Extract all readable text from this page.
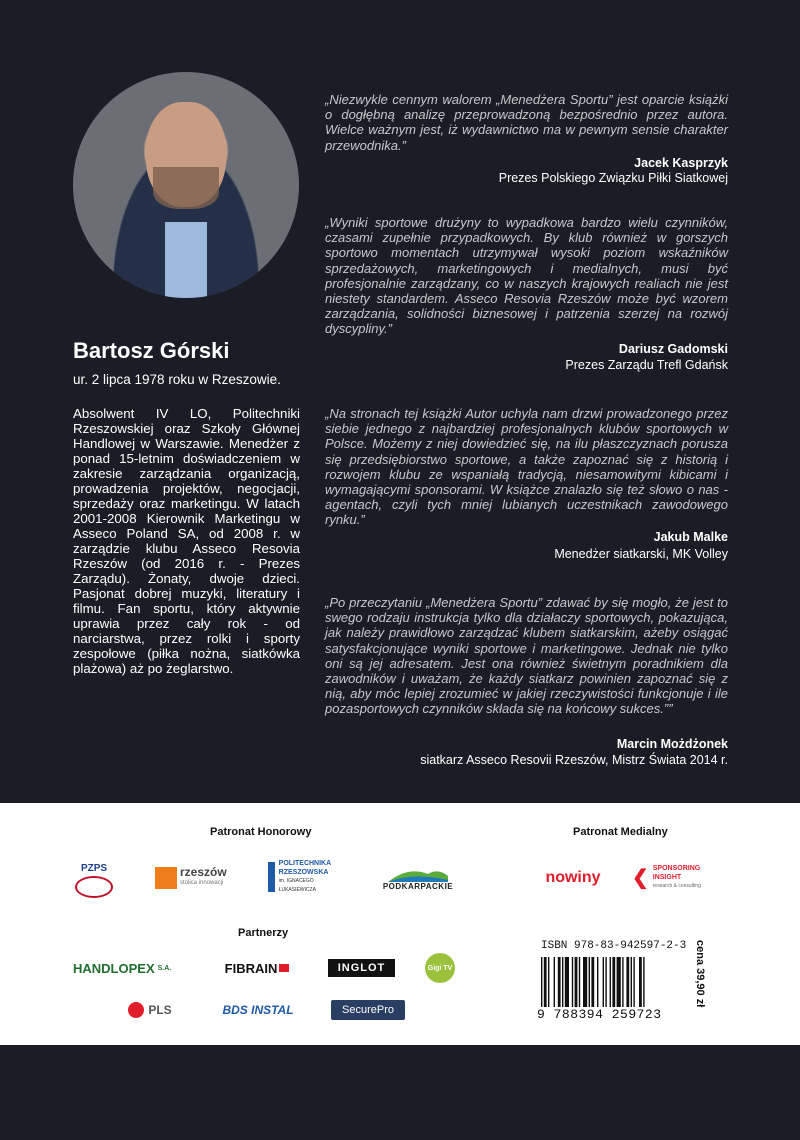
Bartosz Górski
ur. 2 lipca 1978 roku w Rzeszowie.
Absolwent IV LO, Politechniki Rzeszowskiej oraz Szkoły Głównej Handlowej w Warszawie. Menedżer z ponad 15-letnim doświadczeniem w zakresie zarządzania organizacją, prowadzenia projektów, negocjacji, sprzedaży oraz marketingu. W latach 2001-2008 Kierownik Marketingu w Asseco Poland SA, od 2008 r. w zarządzie klubu Asseco Resovia Rzeszów (od 2016 r. - Prezes Zarządu). Żonaty, dwoje dzieci. Pasjonat dobrej muzyki, literatury i filmu. Fan sportu, który aktywnie uprawia przez cały rok - od narciarstwa, przez rolki i sporty zespołowe (piłka nożna, siatkówka plażowa) aż po żeglarstwo.
„Niezwykle cennym walorem „Menedżera Sportu” jest oparcie książki o dogłębną analizę przeprowadzoną bezpośrednio przez autora. Wielce ważnym jest, iż wydawnictwo ma w pewnym sensie charakter przewodnika.”
Jacek Kasprzyk
Prezes Polskiego Związku Piłki Siatkowej
„Wyniki sportowe drużyny to wypadkowa bardzo wielu czynników, czasami zupełnie przypadkowych. By klub również w gorszych sportowo momentach utrzymywał wysoki poziom wskaźników sprzedażowych, marketingowych i medialnych, musi być profesjonalnie zarządzany, co w naszych krajowych realiach nie jest niestety standardem. Asseco Resovia Rzeszów może być wzorem zarządzania, solidności biznesowej i patrzenia szerzej na rozwój dyscypliny.”
Dariusz Gadomski
Prezes Zarządu Trefl Gdańsk
„Na stronach tej książki Autor uchyla nam drzwi prowadzonego przez siebie jednego z najbardziej profesjonalnych klubów sportowych w Polsce. Możemy z niej dowiedzieć się, na ilu płaszczyznach porusza się przedsiębiorstwo sportowe, a także zapoznać się z historią i rozwojem klubu ze wspaniałą tradycją, niesamowitymi kibicami i wymagającymi sponsorami. W książce znalazło się też słowo o nas - agentach, czyli tych mniej lubianych uczestnikach zawodowego rynku.”
Jakub Malke
Menedżer siatkarski, MK Volley
„Po przeczytaniu „Menedżera Sportu” zdawać by się mogło, że jest to swego rodzaju instrukcja tylko dla działaczy sportowych, pokazująca, jak należy prawidłowo zarządzać klubem siatkarskim, ażeby osiągać satysfakcjonujące wyniki sportowe i marketingowe. Jednak nie tylko oni są jej adresatem. Jest ona również świetnym poradnikiem dla zawodników i uważam, że każdy siatkarz powinien zapoznać się z nią, aby móc lepiej zrozumieć w jakiej rzeczywistości funkcjonuje i ile pozasportowych czynników składa się na końcowy sukces.””
Marcin Możdżonek
siatkarz Asseco Resovii Rzeszów, Mistrz Świata 2014 r.
Patronat Honorowy	Patronat Medialny
Partnerzy
PZPS	rzeszów
stolica innowacji
POLITECHNIKA RZESZOWSKA
im. IGNACEGO ŁUKASIEWICZA	PODKARPACKIE	nowiny ❮ SPONSORING INSIGHT
research & consulting
HANDLOPEX S.A.	FIBRAIN	INGLOT	Gigi TV
PLS	BDS INSTAL	SecurePro
ISBN 978-83-942597-2-3
9 788394 259723
cena 39,90 zł
